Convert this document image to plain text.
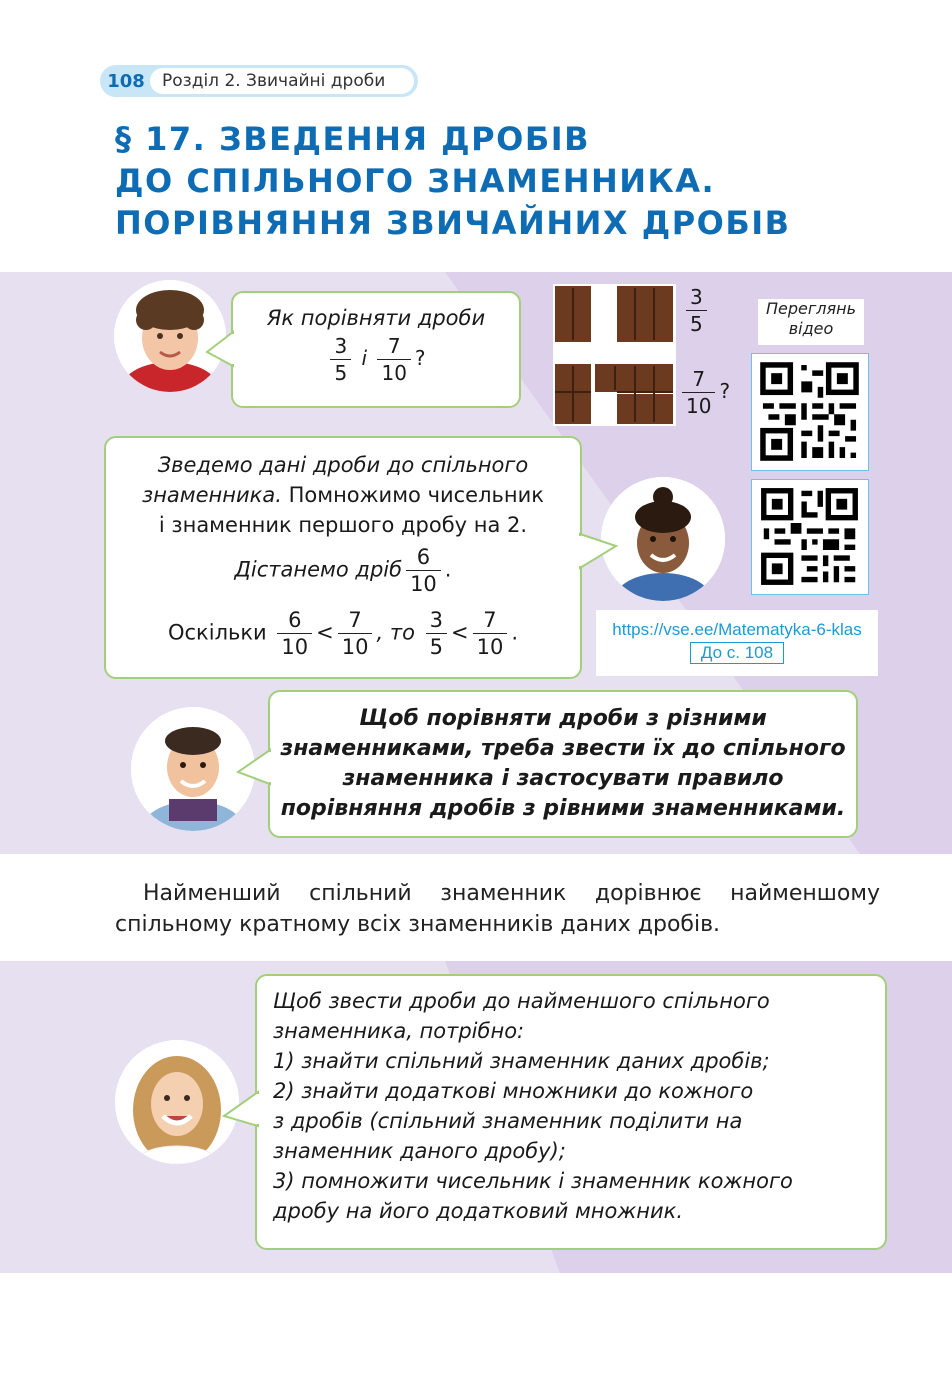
108	Розділ 2. Звичайні дроби
§ 17. ЗВЕДЕННЯ ДРОБІВ
ДО СПІЛЬНОГО ЗНАМЕННИКА.
ПОРІВНЯННЯ ЗВИЧАЙНИХ ДРОБІВ
Як порівняти дроби
$\frac{3}{5}$ і $\frac{7}{10}$ ?
$\frac{3}{5}$
$\frac{7}{10}$ ?
Переглянь
відео
Зведемо дані дроби до спільного
знаменника. Помножимо чисельник
і знаменник першого дробу на 2.
Дістанемо дріб $\frac{6}{10}$ .
Оскільки $\frac{6}{10} < \frac{7}{10}$ , то $\frac{3}{5} < \frac{7}{10}$ .	https://vse.ee/Matematyka-6-klas
До с. 108
Щоб порівняти дроби з різними
знаменниками, треба звести їх до спільного
знаменника і застосувати правило
порівняння дробів з рівними знаменниками.
Найменший спільний знаменник дорівнює найменшому спільному кратному всіх знаменників даних дробів.
Щоб звести дроби до найменшого спільного
знаменника, потрібно:
1) знайти спільний знаменник даних дробів;
2) знайти додаткові множники до кожного
з дробів (спільний знаменник поділити на
знаменник даного дробу);
3) помножити чисельник і знаменник кожного
дробу на його додатковий множник.
